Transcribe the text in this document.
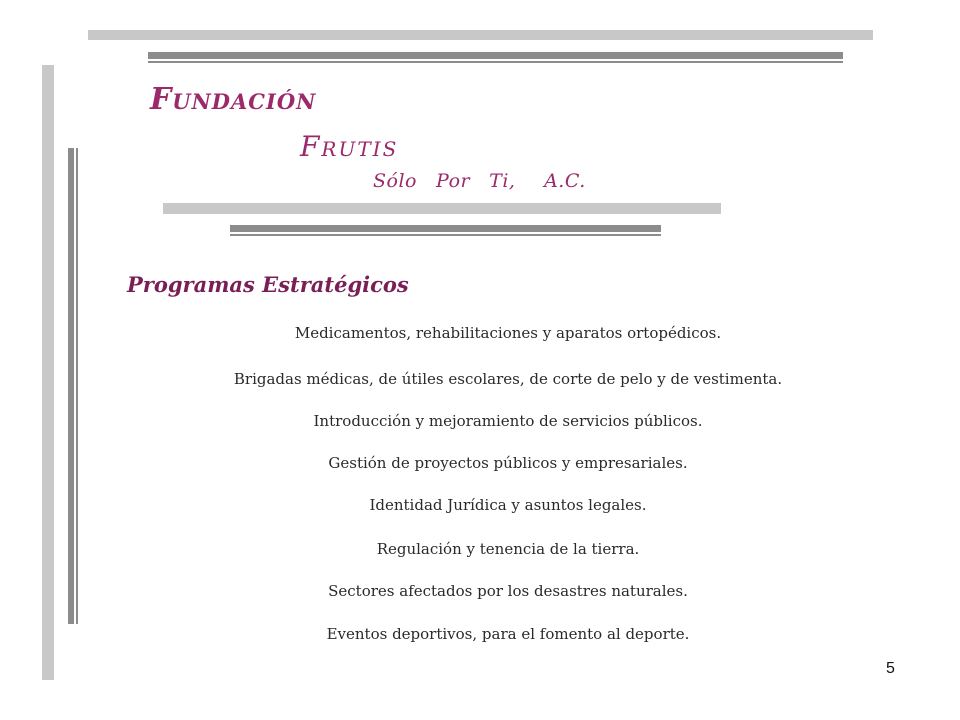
Fundación
Frutis
Sólo  Por  Ti,   A.C.
Programas Estratégicos
Medicamentos, rehabilitaciones y aparatos ortopédicos.
Brigadas médicas, de útiles escolares, de corte de pelo y de vestimenta.
Introducción y mejoramiento de servicios públicos.
Gestión de proyectos públicos y empresariales.
Identidad Jurídica y asuntos legales.
Regulación y tenencia de la tierra.
Sectores afectados por los desastres naturales.
Eventos deportivos, para el fomento al deporte.
5
